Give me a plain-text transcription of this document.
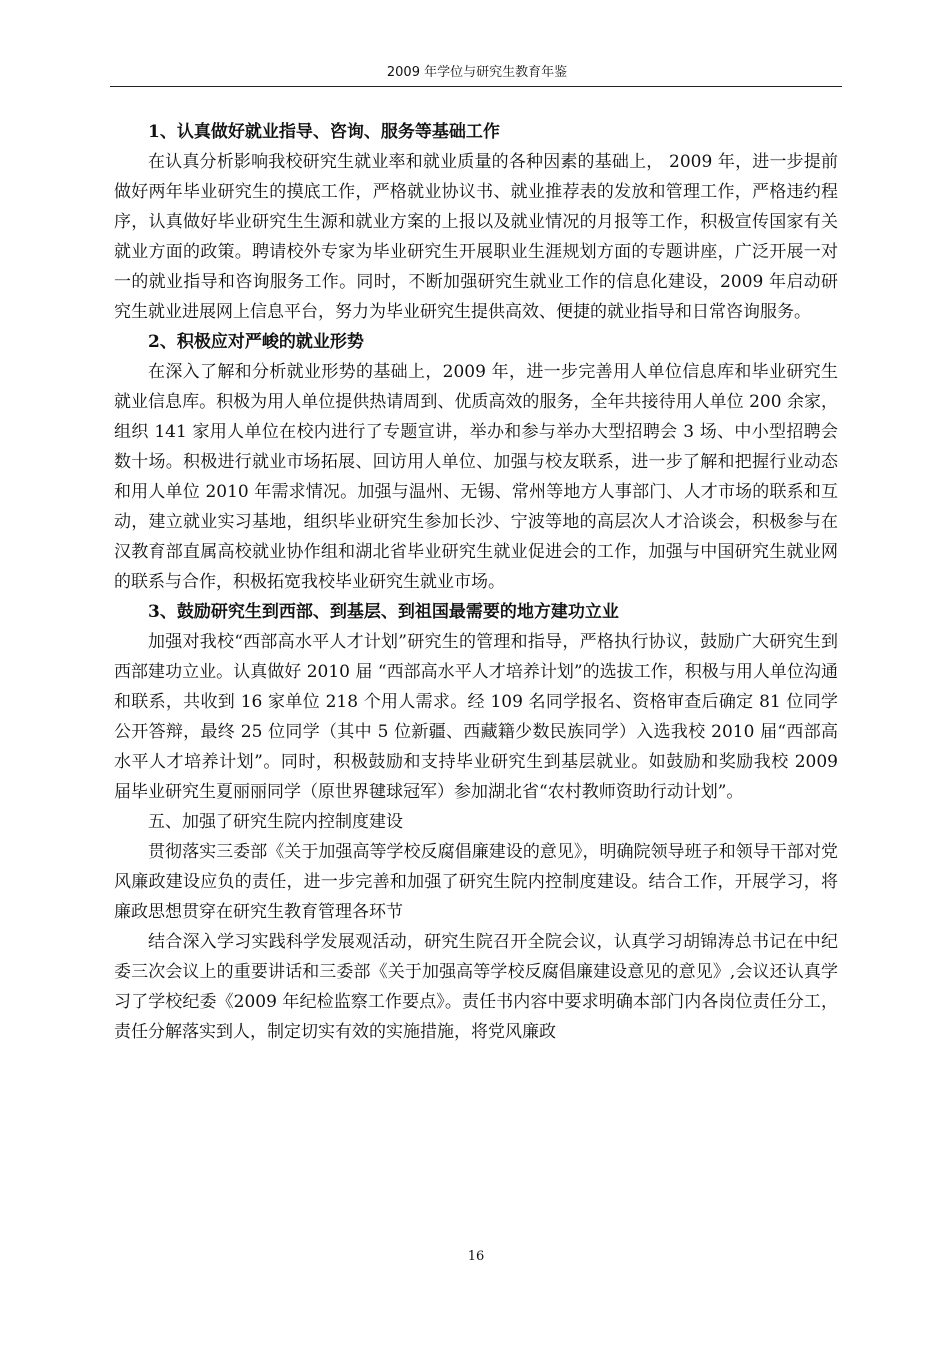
2009 年学位与研究生教育年鉴
1、认真做好就业指导、咨询、服务等基础工作

在认真分析影响我校研究生就业率和就业质量的各种因素的基础上， 2009 年，进一步提前做好两年毕业研究生的摸底工作，严格就业协议书、就业推荐表的发放和管理工作，严格违约程序，认真做好毕业研究生生源和就业方案的上报以及就业情况的月报等工作，积极宣传国家有关就业方面的政策。聘请校外专家为毕业研究生开展职业生涯规划方面的专题讲座，广泛开展一对一的就业指导和咨询服务工作。同时，不断加强研究生就业工作的信息化建设，2009 年启动研究生就业进展网上信息平台，努力为毕业研究生提供高效、便捷的就业指导和日常咨询服务。

2、积极应对严峻的就业形势

在深入了解和分析就业形势的基础上，2009 年，进一步完善用人单位信息库和毕业研究生就业信息库。积极为用人单位提供热请周到、优质高效的服务，全年共接待用人单位 200 余家， 组织 141 家用人单位在校内进行了专题宣讲，举办和参与举办大型招聘会 3 场、中小型招聘会数十场。积极进行就业市场拓展、回访用人单位、加强与校友联系，进一步了解和把握行业动态和用人单位 2010 年需求情况。加强与温州、无锡、常州等地方人事部门、人才市场的联系和互动，建立就业实习基地，组织毕业研究生参加长沙、宁波等地的高层次人才洽谈会，积极参与在汉教育部直属高校就业协作组和湖北省毕业研究生就业促进会的工作，加强与中国研究生就业网的联系与合作，积极拓宽我校毕业研究生就业市场。

3、鼓励研究生到西部、到基层、到祖国最需要的地方建功立业

加强对我校“西部高水平人才计划”研究生的管理和指导，严格执行协议，鼓励广大研究生到西部建功立业。认真做好 2010 届 “西部高水平人才培养计划”的选拔工作，积极与用人单位沟通和联系，共收到 16 家单位 218 个用人需求。经 109 名同学报名、资格审查后确定 81 位同学公开答辩，最终 25 位同学（其中 5 位新疆、西藏籍少数民族同学）入选我校 2010 届“西部高水平人才培养计划”。同时，积极鼓励和支持毕业研究生到基层就业。如鼓励和奖励我校 2009 届毕业研究生夏丽丽同学（原世界毽球冠军）参加湖北省“农村教师资助行动计划”。

五、加强了研究生院内控制度建设

贯彻落实三委部《关于加强高等学校反腐倡廉建设的意见》，明确院领导班子和领导干部对党风廉政建设应负的责任，进一步完善和加强了研究生院内控制度建设。结合工作，开展学习，将廉政思想贯穿在研究生教育管理各环节

结合深入学习实践科学发展观活动，研究生院召开全院会议，认真学习胡锦涛总书记在中纪委三次会议上的重要讲话和三委部《关于加强高等学校反腐倡廉建设意见的意见》,会议还认真学习了学校纪委《2009 年纪检监察工作要点》。责任书内容中要求明确本部门内各岗位责任分工，责任分解落实到人，制定切实有效的实施措施，将党风廉政

16
